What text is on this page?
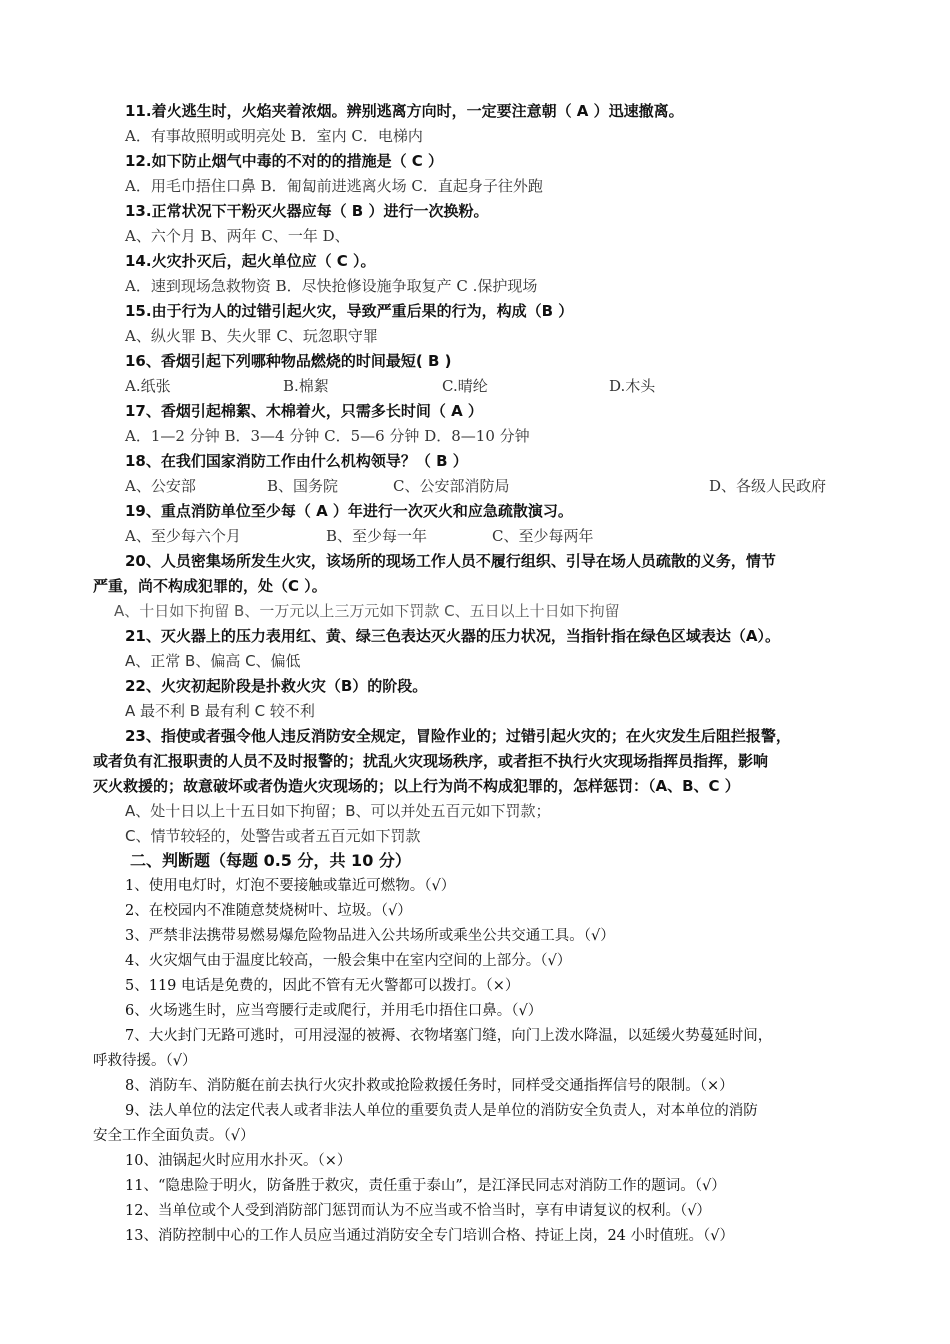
11.着火逃生时，火焰夹着浓烟。辨别逃离方向时，一定要注意朝（ A ）迅速撤离。
A．有事故照明或明亮处 B．室内 C．电梯内
12.如下防止烟气中毒的不对的的措施是（ C ）
A．用毛巾捂住口鼻 B．匍匐前进逃离火场 C．直起身子往外跑
13.正常状况下干粉灭火器应每（ B ）进行一次换粉。
A、六个月 B、两年 C、一年 D、
14.火灾扑灭后，起火单位应（ C ）。
A．速到现场急救物资 B．尽快抢修设施争取复产 C .保护现场
15.由于行为人的过错引起火灾，导致严重后果的行为，构成（B ）
A、纵火罪 B、失火罪 C、玩忽职守罪
16、香烟引起下列哪种物品燃烧的时间最短( B )
A.纸张	B.棉絮	C.晴纶	D.木头
17、香烟引起棉絮、木棉着火，只需多长时间（ A ）
A．1—2 分钟 B．3—4 分钟 C．5—6 分钟 D．8—10 分钟
18、在我们国家消防工作由什么机构领导？（ B ）
A、公安部	B、国务院	C、公安部消防局	D、各级人民政府
19、重点消防单位至少每（ A ）年进行一次灭火和应急疏散演习。
A、至少每六个月	B、至少每一年	C、至少每两年
20、人员密集场所发生火灾，该场所的现场工作人员不履行组织、引导在场人员疏散的义务，情节
严重，尚不构成犯罪的，处（C ）。
A、十日如下拘留 B、一万元以上三万元如下罚款 C、五日以上十日如下拘留
21、灭火器上的压力表用红、黄、绿三色表达灭火器的压力状况，当指针指在绿色区域表达（A）。
A、正常 B、偏高 C、偏低
22、火灾初起阶段是扑救火灾（B）的阶段。
A 最不利 B 最有利 C 较不利
23、指使或者强令他人违反消防安全规定，冒险作业的；过错引起火灾的；在火灾发生后阻拦报警，
或者负有汇报职责的人员不及时报警的；扰乱火灾现场秩序，或者拒不执行火灾现场指挥员指挥，影响
灭火救援的；故意破坏或者伪造火灾现场的；以上行为尚不构成犯罪的，怎样惩罚：（A、B、C ）
A、处十日以上十五日如下拘留；B、可以并处五百元如下罚款；
C、情节较轻的，处警告或者五百元如下罚款
二、判断题（每题 0.5 分，共 10 分）
1、使用电灯时，灯泡不要接触或靠近可燃物。（√）
2、在校园内不准随意焚烧树叶、垃圾。（√）
3、严禁非法携带易燃易爆危险物品进入公共场所或乘坐公共交通工具。（√）
4、火灾烟气由于温度比较高，一般会集中在室内空间的上部分。（√）
5、119 电话是免费的，因此不管有无火警都可以拨打。（×）
6、火场逃生时，应当弯腰行走或爬行，并用毛巾捂住口鼻。（√）
7、大火封门无路可逃时，可用浸湿的被褥、衣物堵塞门缝，向门上泼水降温，以延缓火势蔓延时间，
呼救待援。（√）
8、消防车、消防艇在前去执行火灾扑救或抢险救援任务时，同样受交通指挥信号的限制。（×）
9、法人单位的法定代表人或者非法人单位的重要负责人是单位的消防安全负责人，对本单位的消防
安全工作全面负责。（√）
10、油锅起火时应用水扑灭。（×）
11、“隐患险于明火，防备胜于救灾，责任重于泰山”，是江泽民同志对消防工作的题词。（√）
12、当单位或个人受到消防部门惩罚而认为不应当或不恰当时，享有申请复议的权利。（√）
13、消防控制中心的工作人员应当通过消防安全专门培训合格、持证上岗，24 小时值班。（√）
